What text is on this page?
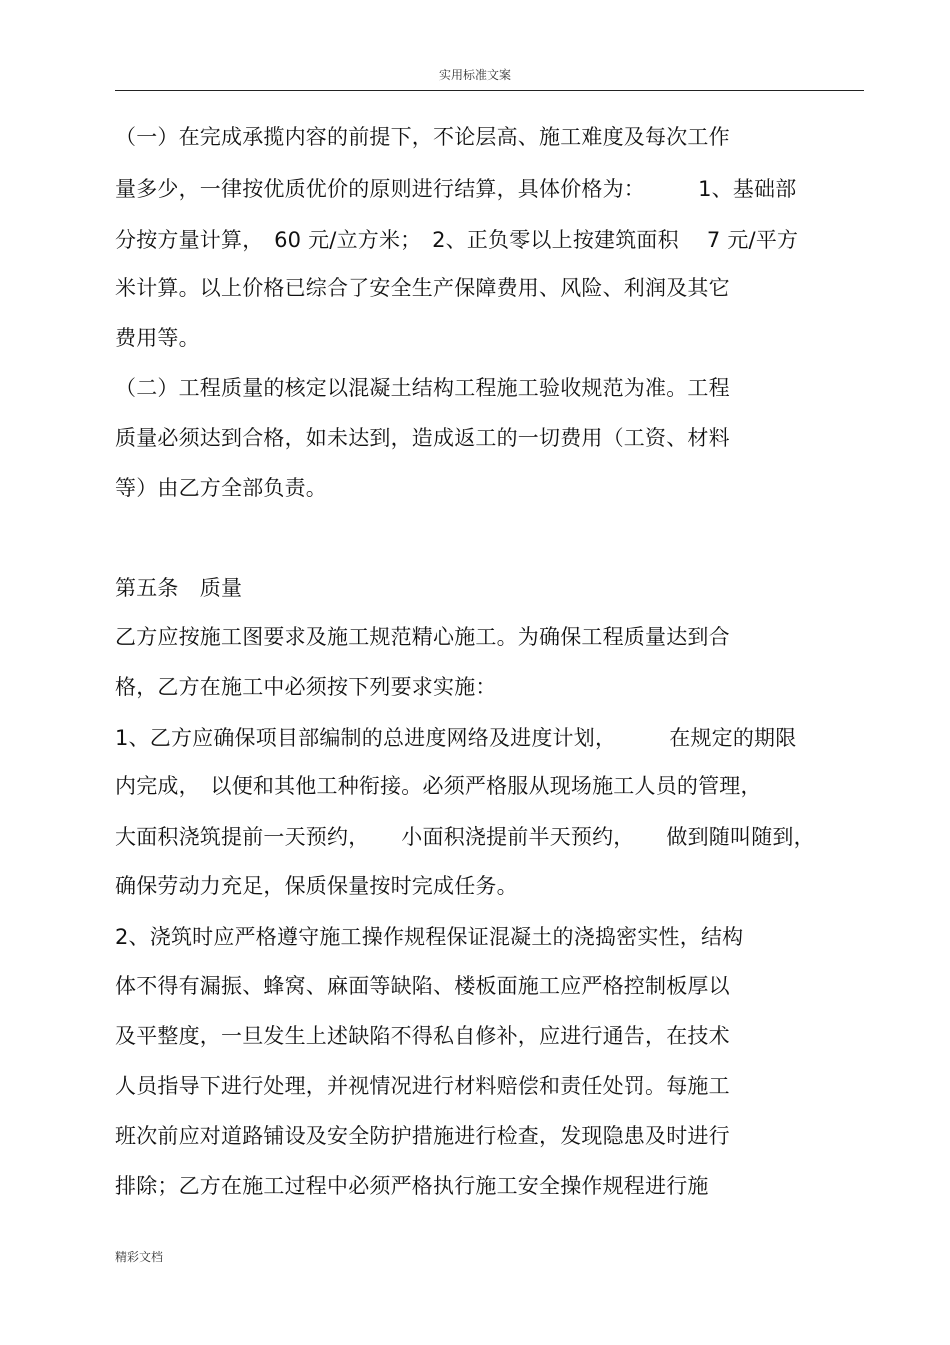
实用标准文案
（一）在完成承揽内容的前提下，不论层高、施工难度及每次工作
量多少，一律按优质优价的原则进行结算，具体价格为：　　　1、基础部
分按方量计算，　60 元/立方米；　2、正负零以上按建筑面积　 7 元/平方
米计算。以上价格已综合了安全生产保障费用、风险、利润及其它
费用等。
（二）工程质量的核定以混凝土结构工程施工验收规范为准。工程
质量必须达到合格，如未达到，造成返工的一切费用（工资、材料
等）由乙方全部负责。
第五条　质量
乙方应按施工图要求及施工规范精心施工。为确保工程质量达到合
格，乙方在施工中必须按下列要求实施：
1、乙方应确保项目部编制的总进度网络及进度计划，　　　在规定的期限
内完成，　以便和其他工种衔接。必须严格服从现场施工人员的管理，
大面积浇筑提前一天预约，　　小面积浇提前半天预约，　　做到随叫随到，
确保劳动力充足，保质保量按时完成任务。
2、浇筑时应严格遵守施工操作规程保证混凝土的浇捣密实性，结构
体不得有漏振、蜂窝、麻面等缺陷、楼板面施工应严格控制板厚以
及平整度，一旦发生上述缺陷不得私自修补，应进行通告，在技术
人员指导下进行处理，并视情况进行材料赔偿和责任处罚。每施工
班次前应对道路铺设及安全防护措施进行检查，发现隐患及时进行
排除；乙方在施工过程中必须严格执行施工安全操作规程进行施
精彩文档
